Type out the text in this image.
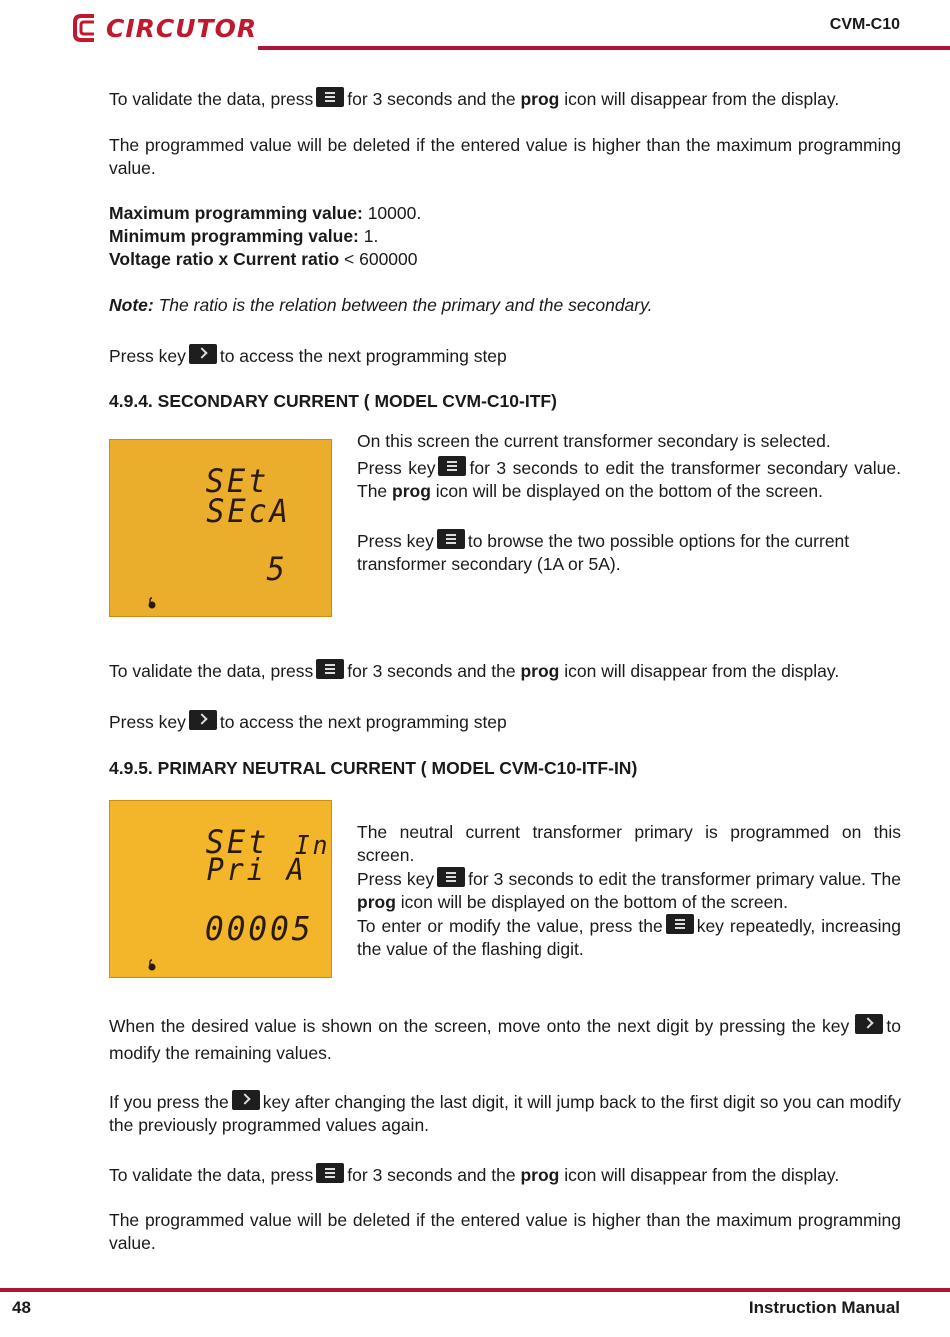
CIRCUTOR	CVM-C10
To validate the data, press for 3 seconds and the prog icon will disappear from the display.
The programmed value will be deleted if the entered value is higher than the maximum programming value.
Maximum programming value: 10000.
Minimum programming value: 1.
Voltage ratio x Current ratio < 600000
Note: The ratio is the relation between the primary and the secondary.
Press key to access the next programming step
4.9.4. SECONDARY CURRENT ( MODEL CVM-C10-ITF)
SEt
SEcA
5
On this screen the current transformer secondary is selected.
Press key for 3 seconds to edit the transformer secondary value. The prog icon will be displayed on the bottom of the screen.
Press key to browse the two possible options for the current transformer secondary (1A or 5A).
To validate the data, press for 3 seconds and the prog icon will disappear from the display.
Press key to access the next programming step
4.9.5. PRIMARY NEUTRAL CURRENT ( MODEL CVM-C10-ITF-IN)
SEt In
Pri A
00005
The neutral current transformer primary is programmed on this screen.
Press key for 3 seconds to edit the transformer primary value. The prog icon will be displayed on the bottom of the screen.
To enter or modify the value, press the key repeatedly, increasing the value of the flashing digit.
When the desired value is shown on the screen, move onto the next digit by pressing the key to modify the remaining values.
If you press the key after changing the last digit, it will jump back to the first digit so you can modify the previously programmed values again.
To validate the data, press for 3 seconds and the prog icon will disappear from the display.
The programmed value will be deleted if the entered value is higher than the maximum programming value.
48	Instruction Manual
